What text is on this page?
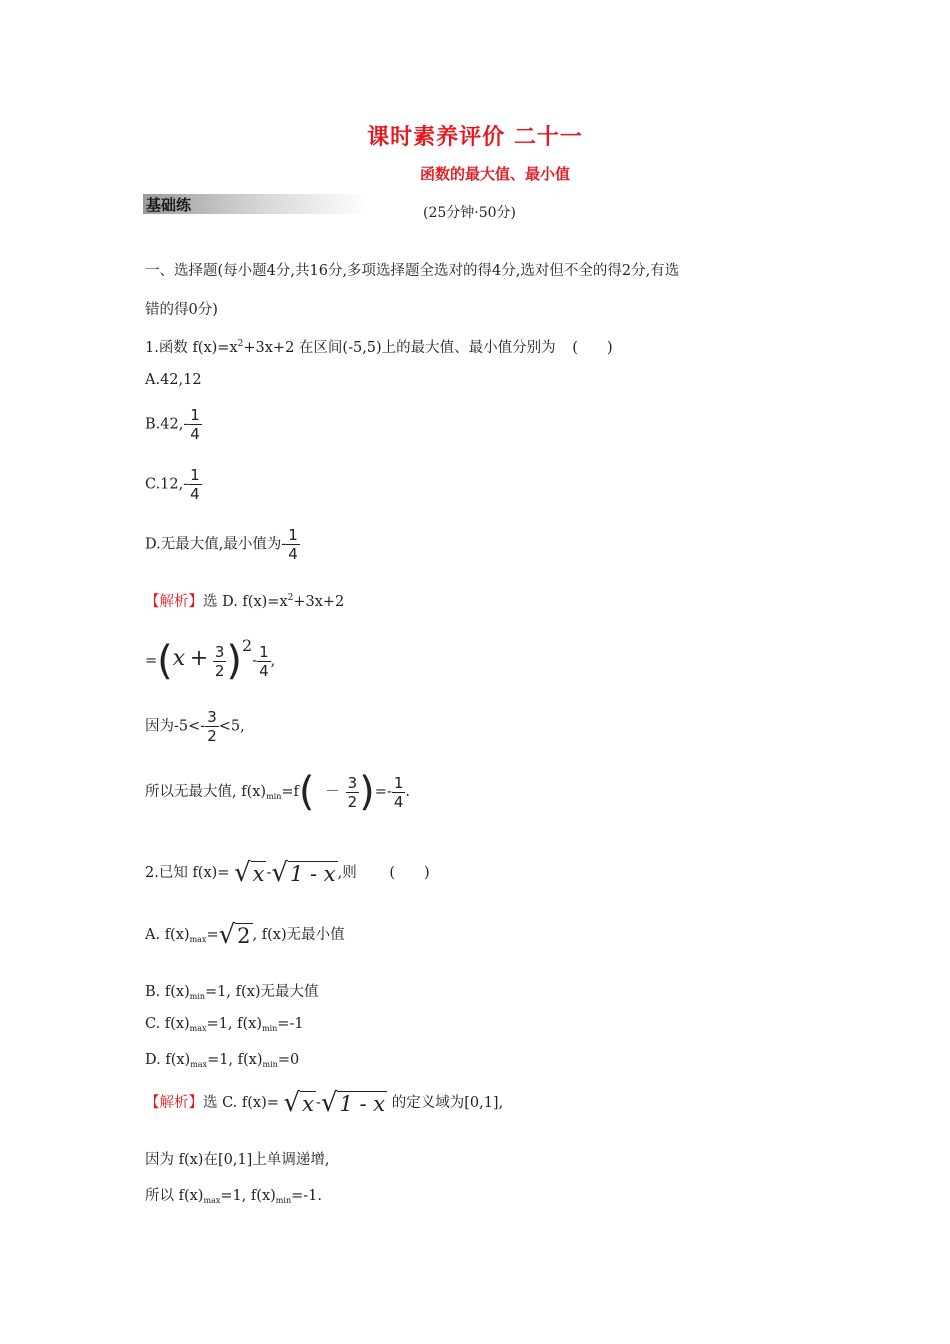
课时素养评价 二十一
函数的最大值、最小值
基础练	(25分钟·50分)
一、选择题(每小题4分,共16分,多项选择题全选对的得4分,选对但不全的得2分,有选
错的得0分)
1.函数 $f(x)=x^2+3x+2$ 在区间(-5,5)上的最大值、最小值分别为 (　　)
A.42,12
$B.42,- \frac{1}{4}$
$C.12,- \frac{1}{4}$
D.无最大值,最小值为- $\frac{1}{4}$
【解析】选 D. $f(x)=x^2+3x+2$
$=(x + \frac{3}{2} )^2- \frac{1}{4}$ ,
因为$-5<- \frac{3}{2} <5$,
所以无最大值, $f(x)_{min}=f( - \frac{3}{2}$ )=- $\frac{1}{4}$ .
2.已知 f(x)= √x -√1 - x ,则 (　　)
A. $f(x)_{max}=√2$ , f(x)无最小值
B. $f(x)_{min}=1$, f(x)无最大值
C. $f(x)_{max}=1$, $f(x)_{min}=-1$
D. $f(x)_{max}=1$, $f(x)_{min}=0$
【解析】选 C. f(x)= √x -√1 - x 的定义域为[0,1],
因为 f(x)在[0,1]上单调递增,
所以 $f(x)_{max}=1$, $f(x)_{min}=-1$.
